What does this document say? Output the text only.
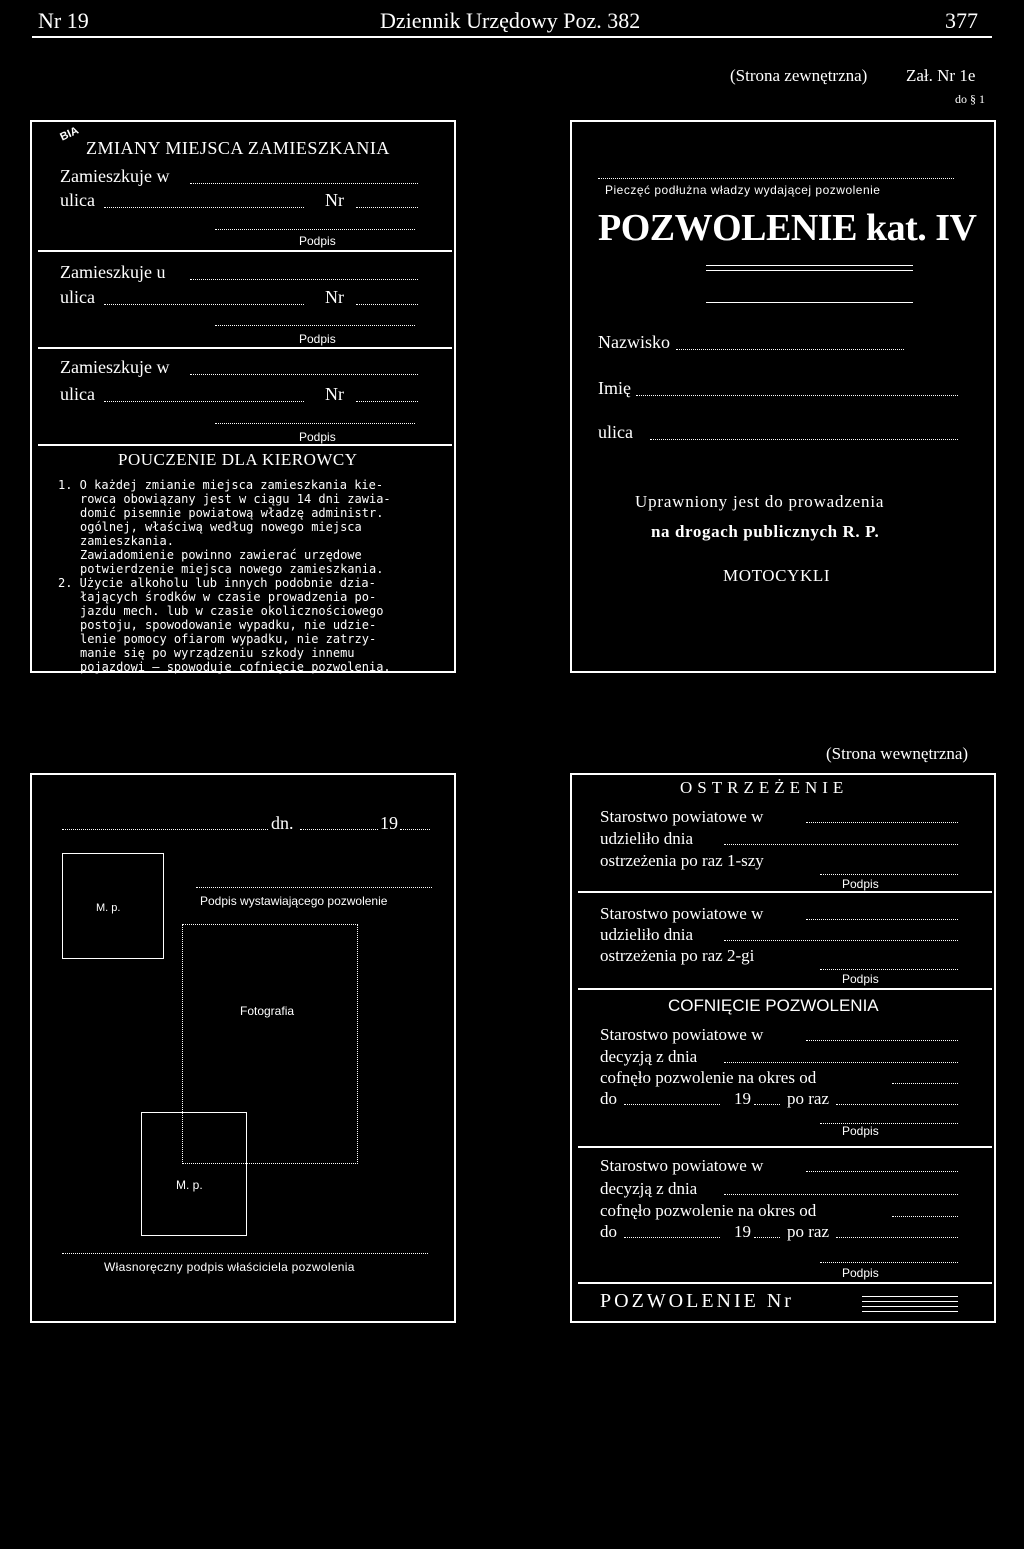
Nr 19	Dziennik Urzędowy Poz. 382	377
(Strona zewnętrzna) Zał. Nr 1e
do § 1
BIA
ZMIANY MIEJSCA ZAMIESZKANIA
Zamieszkuje w
ulica	Nr
Podpis
Zamieszkuje u
ulica	Nr
Podpis
Zamieszkuje w
ulica	Nr
Podpis
POUCZENIE DLA KIEROWCY
1. O każdej zmianie miejsca zamieszkania kie-
rowca obowiązany jest w ciągu 14 dni zawia-
domić pisemnie powiatową władzę administr.
ogólnej, właściwą według nowego miejsca
zamieszkania.
Zawiadomienie powinno zawierać urzędowe
potwierdzenie miejsca nowego zamieszkania.
2. Użycie alkoholu lub innych podobnie dzia-
łających środków w czasie prowadzenia po-
jazdu mech. lub w czasie okolicznościowego
postoju, spowodowanie wypadku, nie udzie-
lenie pomocy ofiarom wypadku, nie zatrzy-
manie się po wyrządzeniu szkody innemu
pojazdowi — spowoduje cofnięcie pozwolenia.
Pieczęć podłużna władzy wydającej pozwolenie
POZWOLENIE kat. IV
Nazwisko
Imię
ulica
Uprawniony jest do prowadzenia
na drogach publicznych R. P.
MOTOCYKLI
(Strona wewnętrzna)
dn.	19
M. p.	Podpis wystawiającego pozwolenie
Fotografia
M. p.
Własnoręczny podpis właściciela pozwolenia
OSTRZEŻENIE
Starostwo powiatowe w
udzieliło dnia
ostrzeżenia po raz 1-szy
Podpis
Starostwo powiatowe w
udzieliło dnia
ostrzeżenia po raz 2-gi
Podpis
COFNIĘCIE POZWOLENIA
Starostwo powiatowe w
decyzją z dnia
cofnęło pozwolenie na okres od
do	19 po raz
Podpis
Starostwo powiatowe w
decyzją z dnia
cofnęło pozwolenie na okres od
do	19 po raz
Podpis
POZWOLENIE Nr
